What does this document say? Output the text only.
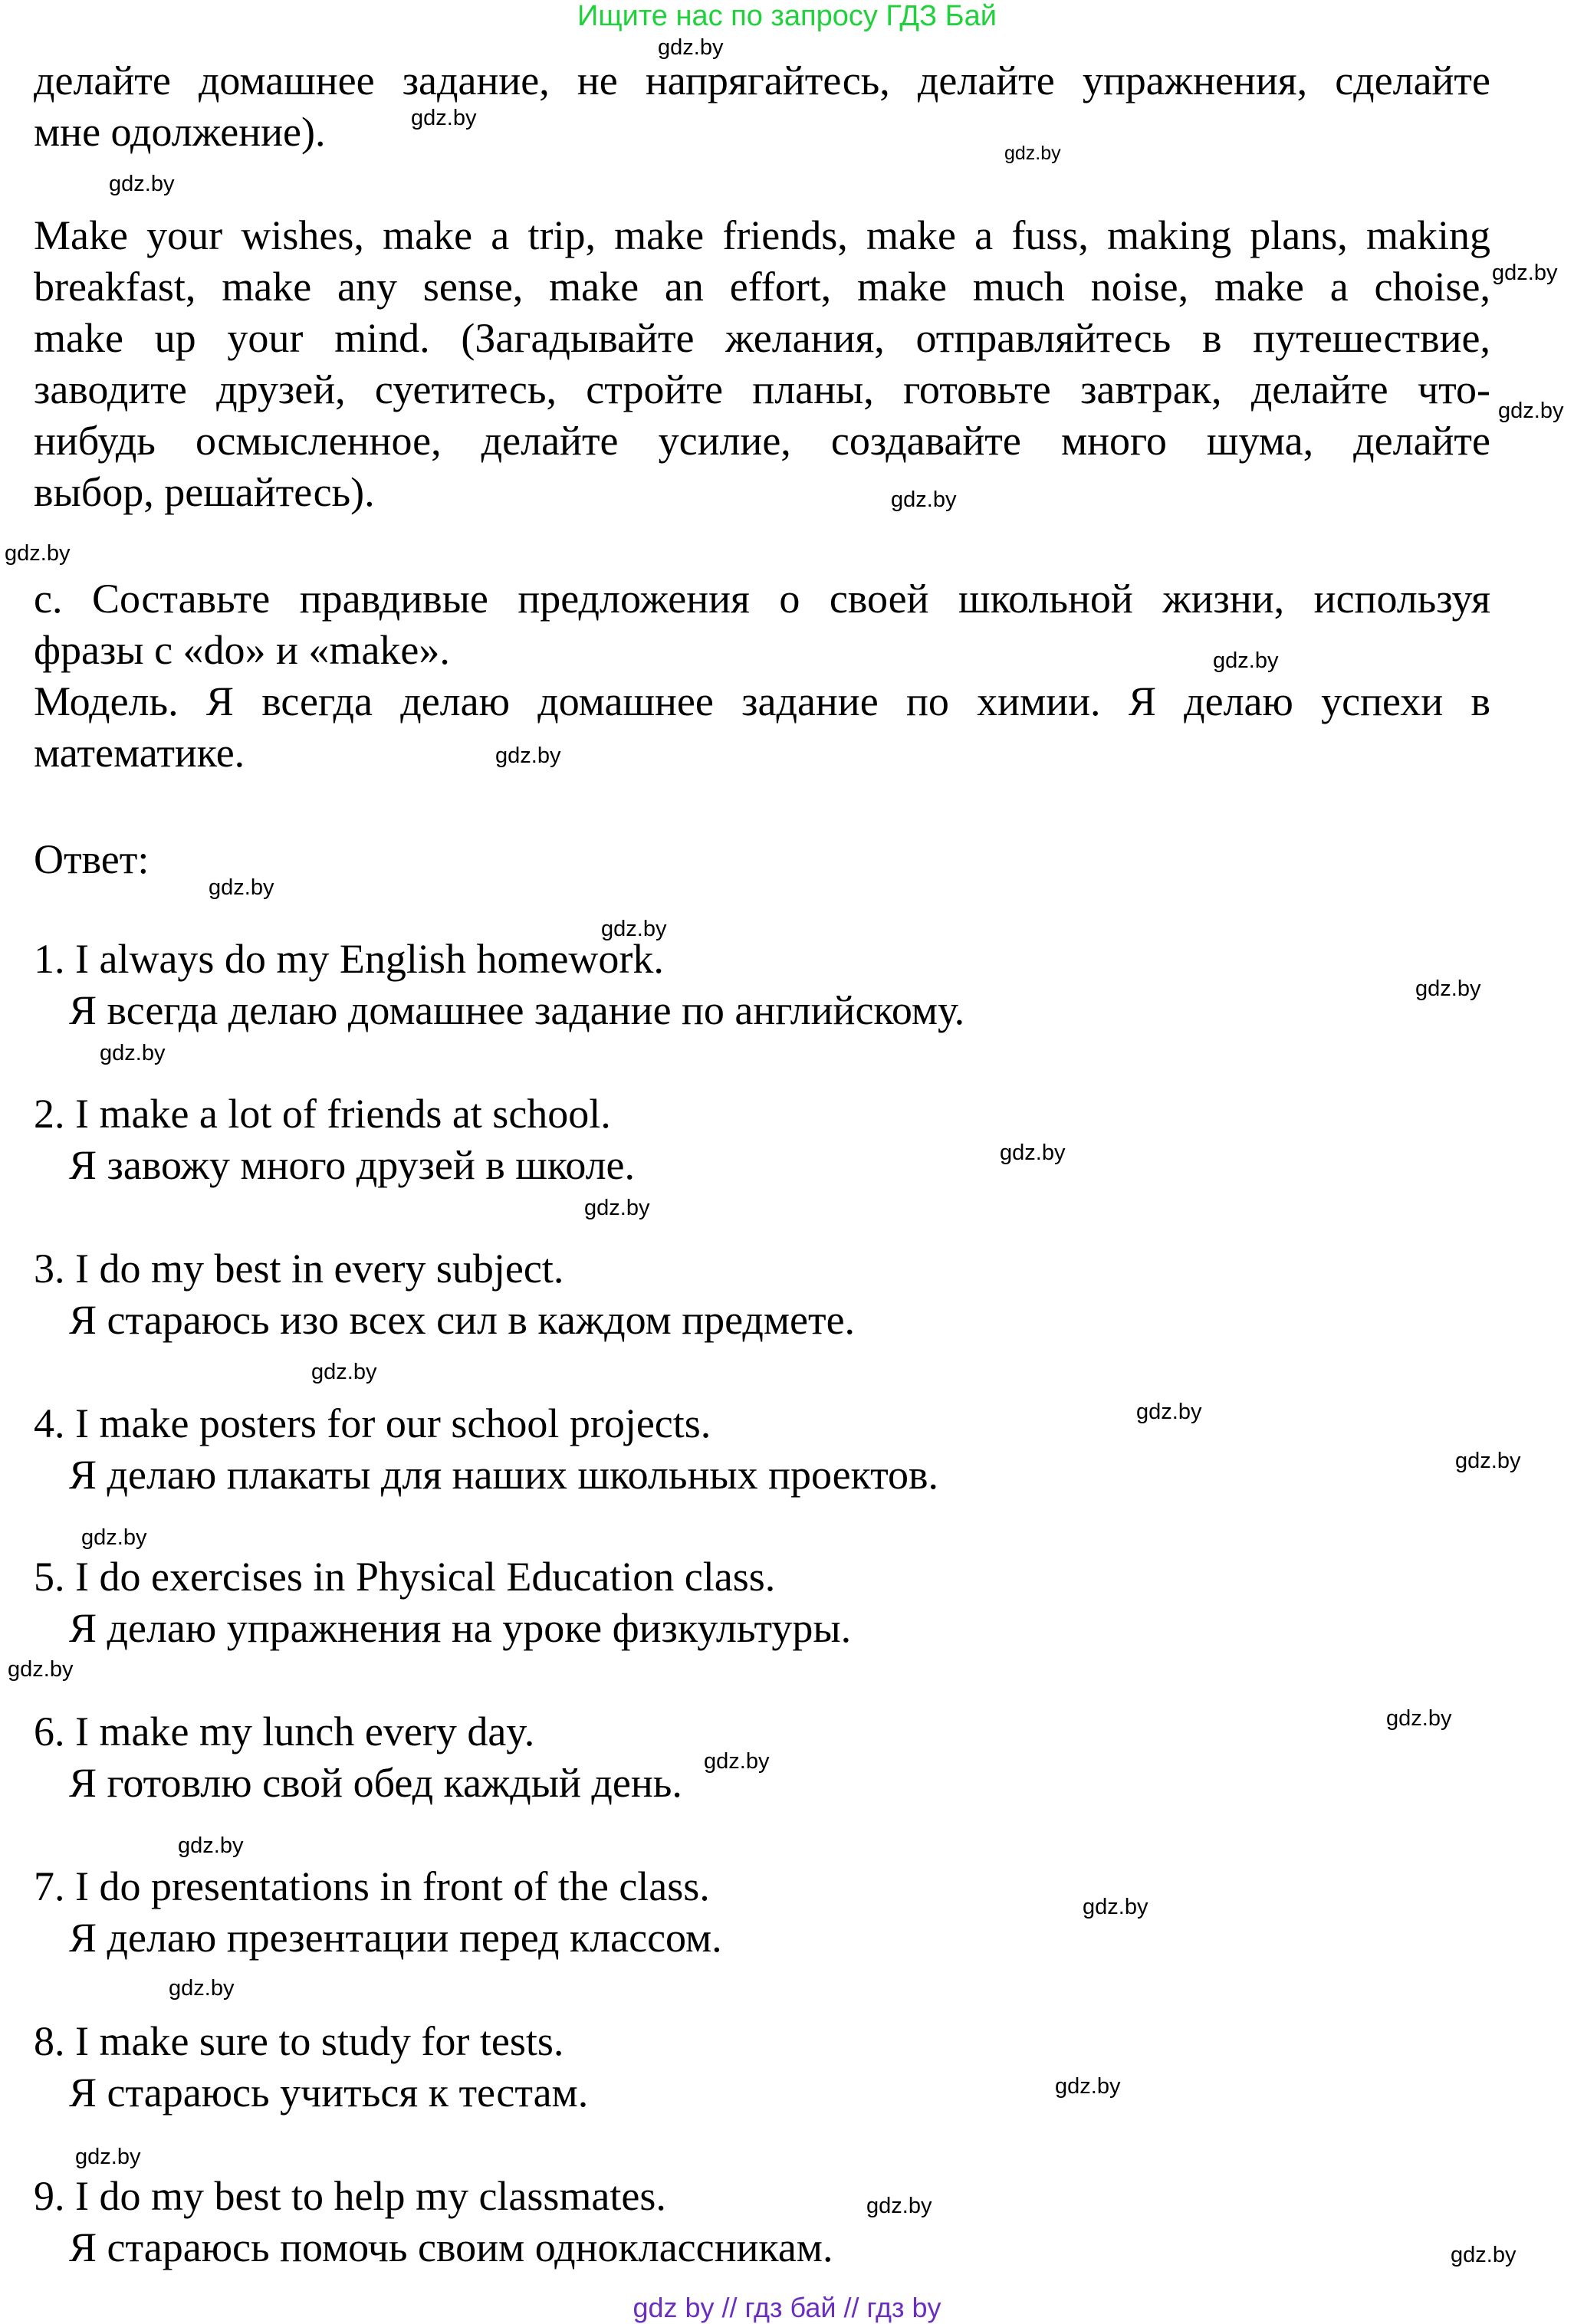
Ищите нас по запросу ГДЗ Бай
делайте домашнее задание, не напрягайтесь, делайте упражнения, сделайте
мне одолжение).
Make your wishes, make a trip, make friends, make a fuss, making plans, making
breakfast, make any sense, make an effort, make much noise, make a choise,
make up your mind. (Загадывайте желания, отправляйтесь в путешествие,
заводите друзей, суетитесь, стройте планы, готовьте завтрак, делайте что-
нибудь осмысленное, делайте усилие, создавайте много шума, делайте
выбор, решайтесь).
c. Составьте правдивые предложения о своей школьной жизни, используя
фразы с «do» и «make».
Модель. Я всегда делаю домашнее задание по химии. Я делаю успехи в
математике.
Ответ:
1. I always do my English homework.
Я всегда делаю домашнее задание по английскому.
2. I make a lot of friends at school.
Я завожу много друзей в школе.
3. I do my best in every subject.
Я стараюсь изо всех сил в каждом предмете.
4. I make posters for our school projects.
Я делаю плакаты для наших школьных проектов.
5. I do exercises in Physical Education class.
Я делаю упражнения на уроке физкультуры.
6. I make my lunch every day.
Я готовлю свой обед каждый день.
7. I do presentations in front of the class.
Я делаю презентации перед классом.
8. I make sure to study for tests.
Я стараюсь учиться к тестам.
9. I do my best to help my classmates.
Я стараюсь помочь своим одноклассникам.
gdz.by
gdz.by
gdz.by
gdz.by
gdz.by
gdz.by
gdz.by
gdz.by
gdz.by
gdz.by
gdz.by
gdz.by
gdz.by
gdz.by
gdz.by
gdz.by
gdz.by
gdz.by
gdz.by
gdz.by
gdz.by
gdz.by
gdz.by
gdz.by
gdz.by
gdz.by
gdz.by
gdz.by
gdz.by
gdz.by
gdz by // гдз бай // гдз by
